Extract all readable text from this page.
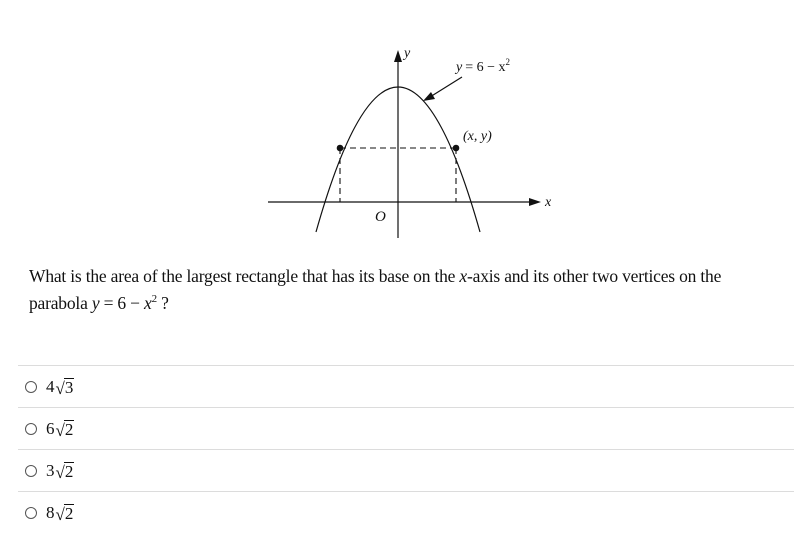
y
x
O
$y = 6 - x^2$
(x, y)
What is the area of the largest rectangle that has its base on the x-axis and its other two vertices on the parabola $y = 6 - x^2$ ?
4 √ 3
6 √ 2
3 √ 2
8 √ 2
